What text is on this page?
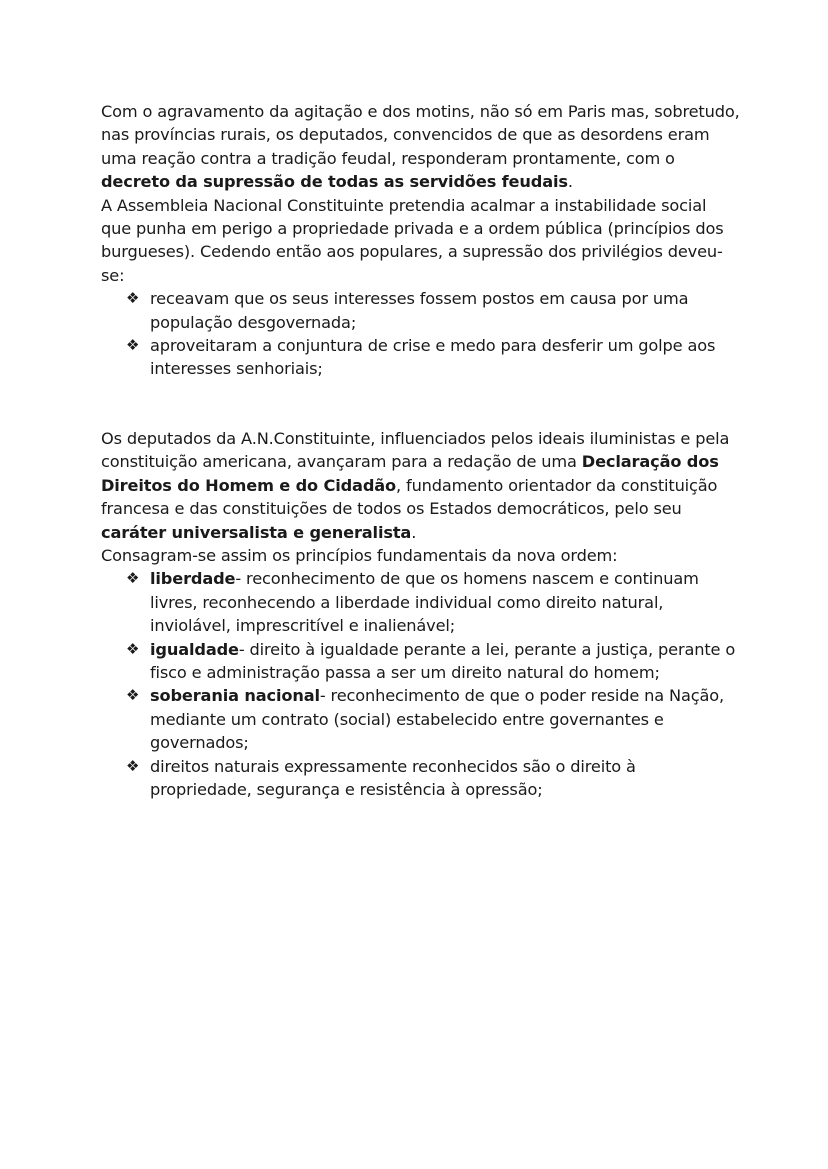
Com o agravamento da agitação e dos motins, não só em Paris mas, sobretudo, nas províncias rurais, os deputados, convencidos de que as desordens eram uma reação contra a tradição feudal, responderam prontamente, com o decreto da supressão de todas as servidões feudais.

A Assembleia Nacional Constituinte pretendia acalmar a instabilidade social que punha em perigo a propriedade privada e a ordem pública (princípios dos burgueses). Cedendo então aos populares, a supressão dos privilégios deveu-se:

❖ receavam que os seus interesses fossem postos em causa por uma população desgovernada;
❖ aproveitaram a conjuntura de crise e medo para desferir um golpe aos interesses senhoriais;

Os deputados da A.N.Constituinte, influenciados pelos ideais iluministas e pela constituição americana, avançaram para a redação de uma Declaração dos Direitos do Homem e do Cidadão, fundamento orientador da constituição francesa e das constituições de todos os Estados democráticos, pelo seu caráter universalista e generalista.

Consagram-se assim os princípios fundamentais da nova ordem:

❖ liberdade- reconhecimento de que os homens nascem e continuam livres, reconhecendo a liberdade individual como direito natural, inviolável, imprescritível e inalienável;
❖ igualdade- direito à igualdade perante a lei, perante a justiça, perante o fisco e administração passa a ser um direito natural do homem;
❖ soberania nacional- reconhecimento de que o poder reside na Nação, mediante um contrato (social) estabelecido entre governantes e governados;
❖ direitos naturais expressamente reconhecidos são o direito à propriedade, segurança e resistência à opressão;
